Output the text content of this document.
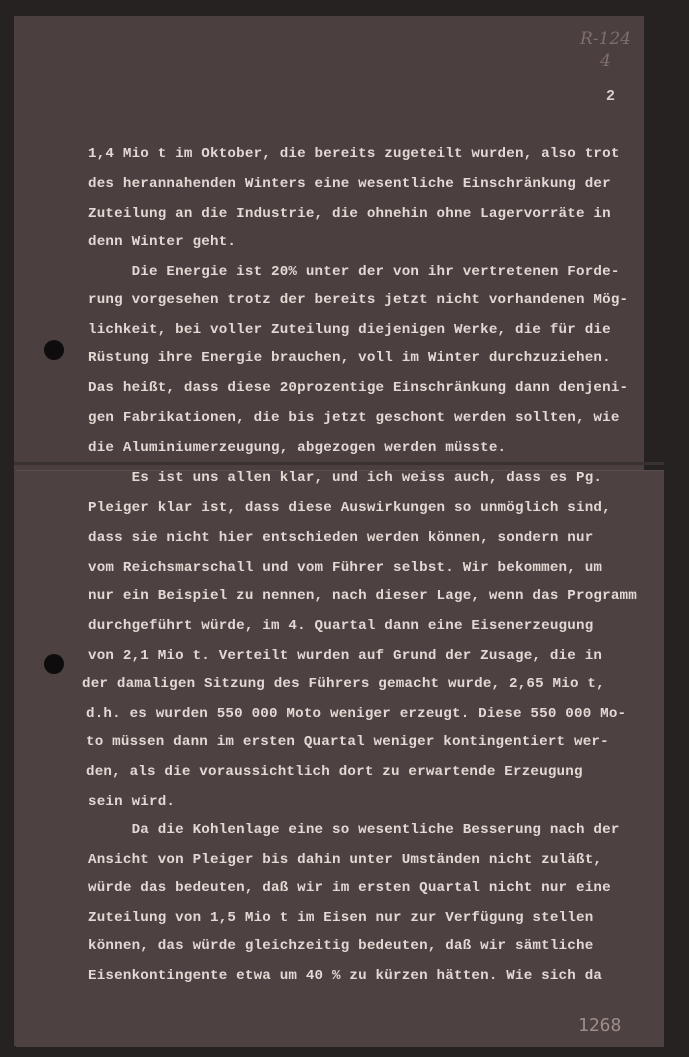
R-124
4
2
1,4 Mio t im Oktober, die bereits zugeteilt wurden, also trot
des herannahenden Winters eine wesentliche Einschränkung der
Zuteilung an die Industrie, die ohnehin ohne Lagervorräte in
denn Winter geht.
Die Energie ist 20% unter der von ihr vertretenen Forde-
rung vorgesehen trotz der bereits jetzt nicht vorhandenen Mög-
lichkeit, bei voller Zuteilung diejenigen Werke, die für die
Rüstung ihre Energie brauchen, voll im Winter durchzuziehen.
Das heißt, dass diese 20prozentige Einschränkung dann denjeni-
gen Fabrikationen, die bis jetzt geschont werden sollten, wie
die Aluminiumerzeugung, abgezogen werden müsste.
Es ist uns allen klar, und ich weiss auch, dass es Pg.
Pleiger klar ist, dass diese Auswirkungen so unmöglich sind,
dass sie nicht hier entschieden werden können, sondern nur
vom Reichsmarschall und vom Führer selbst. Wir bekommen, um
nur ein Beispiel zu nennen, nach dieser Lage, wenn das Programm
durchgeführt würde, im 4. Quartal dann eine Eisenerzeugung
von 2,1 Mio t. Verteilt wurden auf Grund der Zusage, die in
der damaligen Sitzung des Führers gemacht wurde, 2,65 Mio t,
d.h. es wurden 550 000 Moto weniger erzeugt. Diese 550 000 Mo-
to müssen dann im ersten Quartal weniger kontingentiert wer-
den, als die voraussichtlich dort zu erwartende Erzeugung
sein wird.
Da die Kohlenlage eine so wesentliche Besserung nach der
Ansicht von Pleiger bis dahin unter Umständen nicht zuläßt,
würde das bedeuten, daß wir im ersten Quartal nicht nur eine
Zuteilung von 1,5 Mio t im Eisen nur zur Verfügung stellen
können, das würde gleichzeitig bedeuten, daß wir sämtliche
Eisenkontingente etwa um 40 % zu kürzen hätten. Wie sich da
1268
